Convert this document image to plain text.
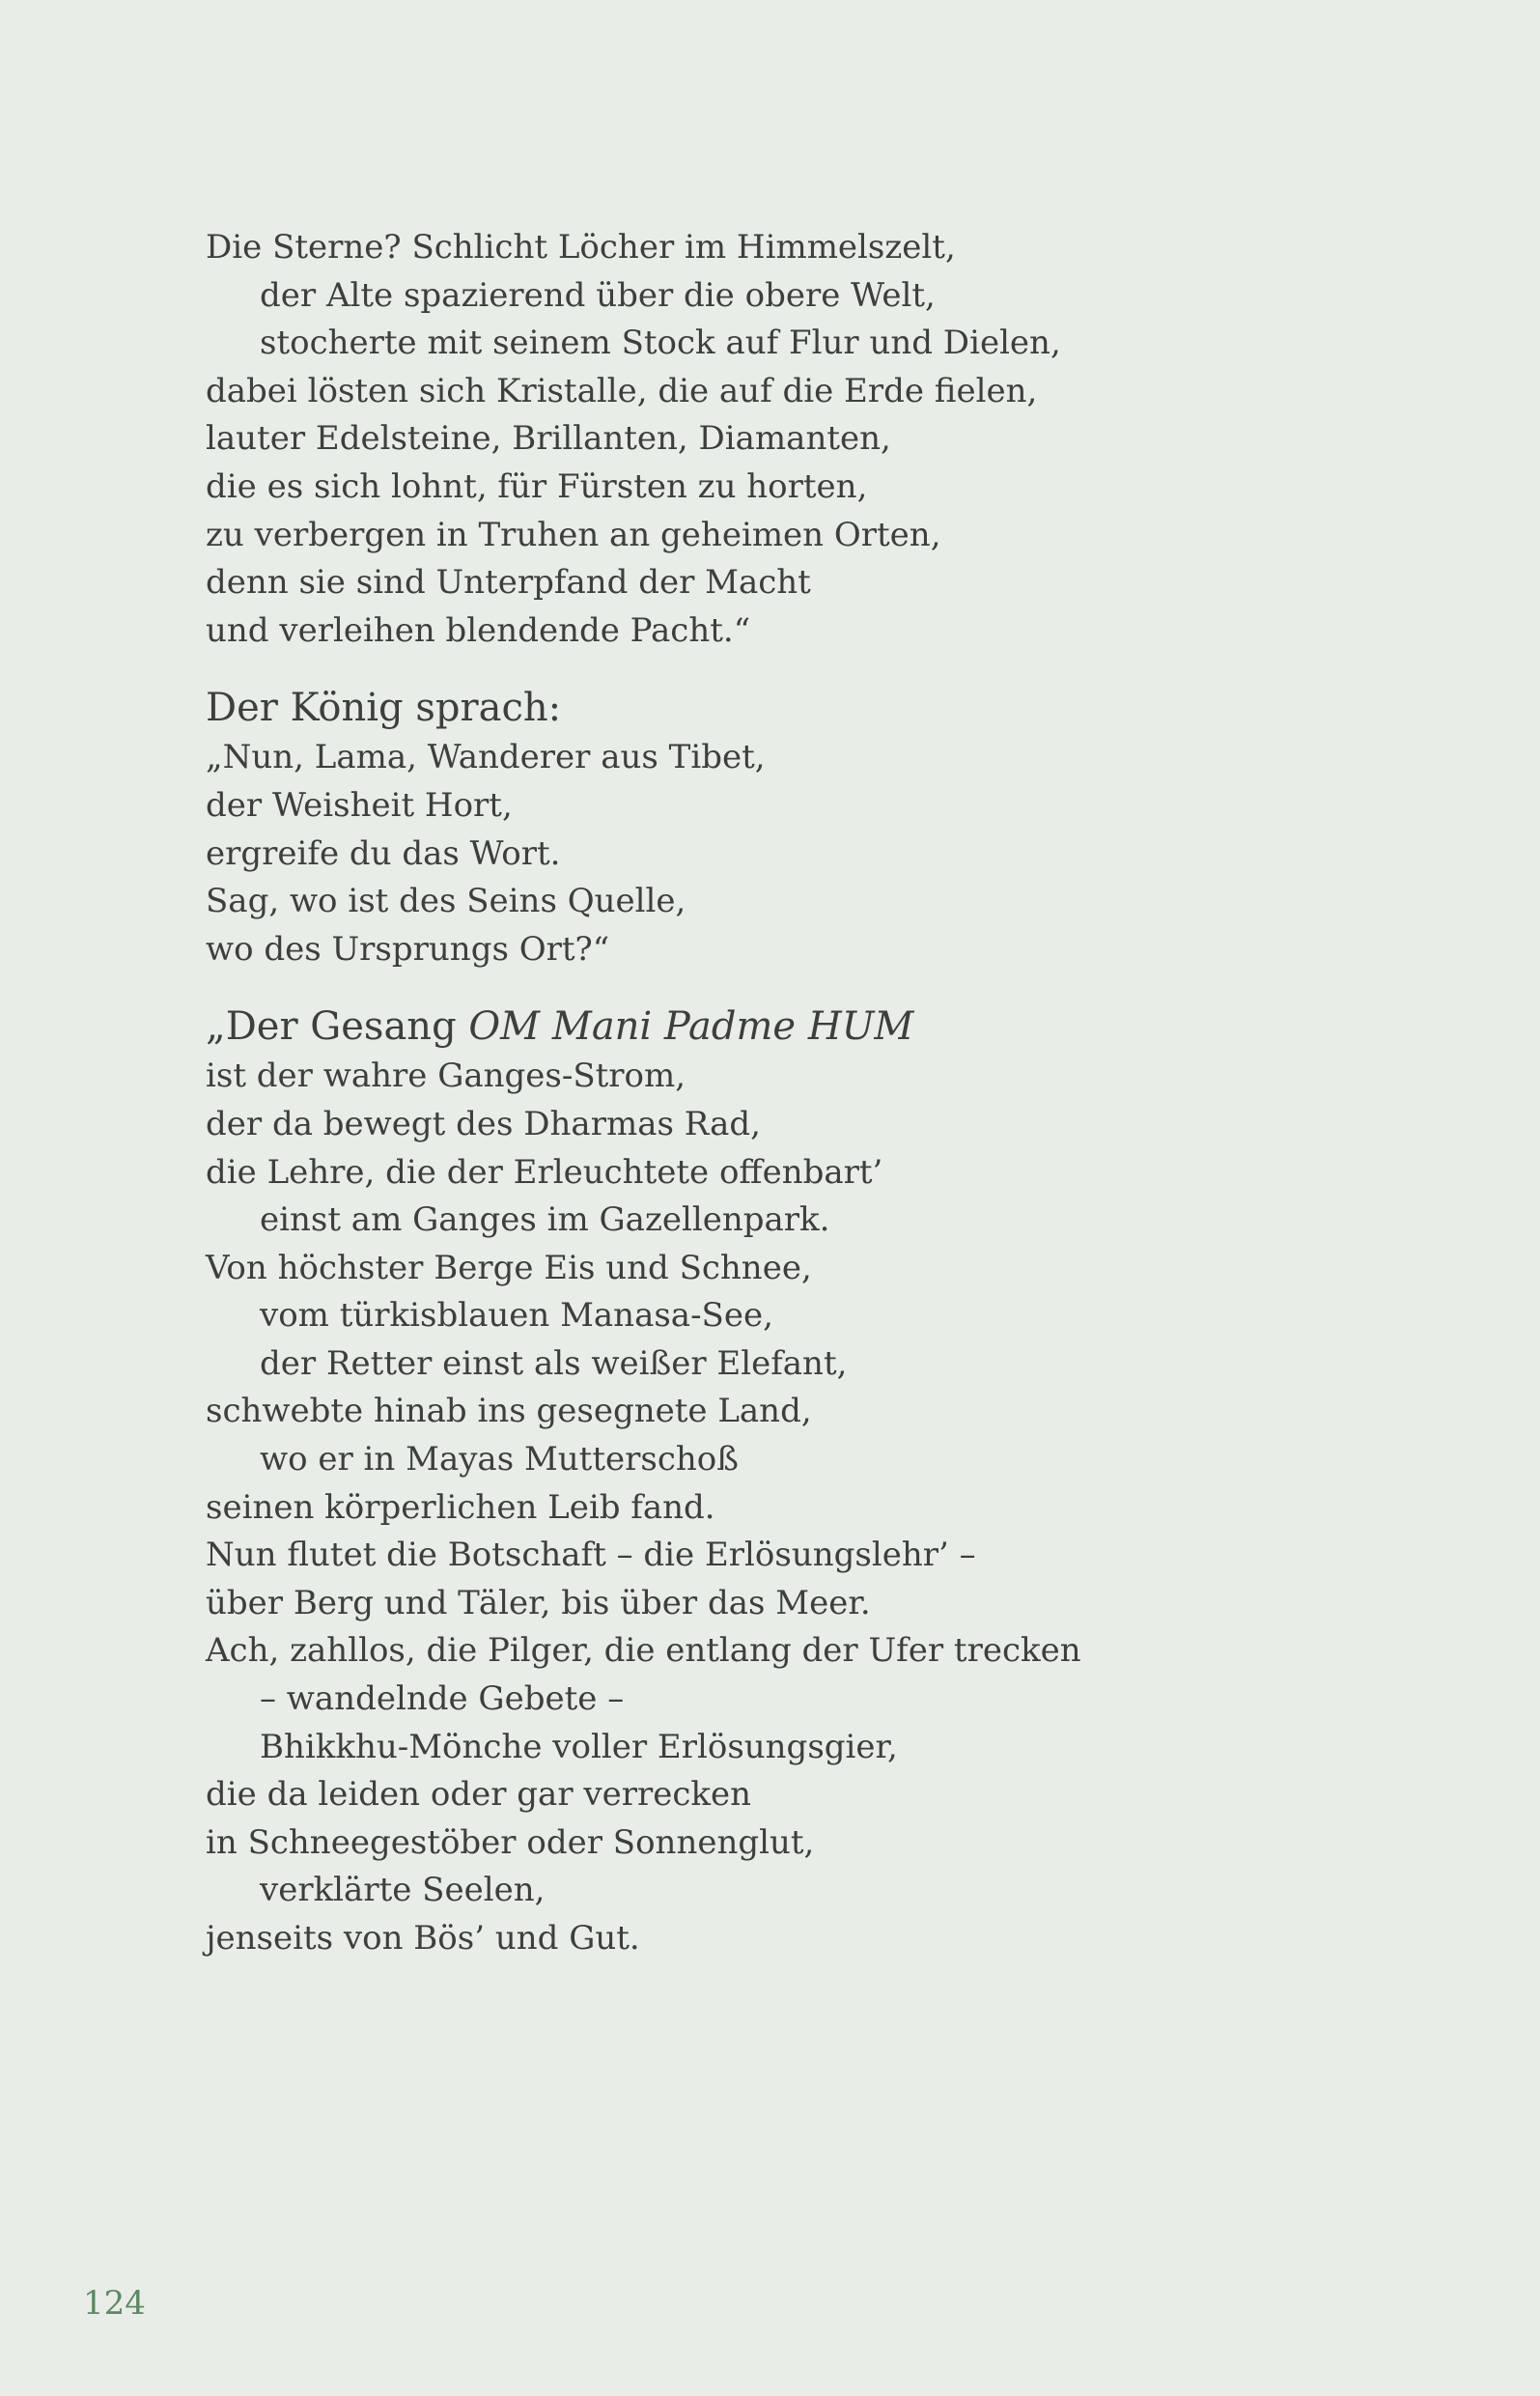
Die Sterne? Schlicht Löcher im Himmelszelt,
der Alte spazierend über die obere Welt,
stocherte mit seinem Stock auf Flur und Dielen,
dabei lösten sich Kristalle, die auf die Erde fielen,
lauter Edelsteine, Brillanten, Diamanten,
die es sich lohnt, für Fürsten zu horten,
zu verbergen in Truhen an geheimen Orten,
denn sie sind Unterpfand der Macht
und verleihen blendende Pacht.“
Der König sprach:
„Nun, Lama, Wanderer aus Tibet,
der Weisheit Hort,
ergreife du das Wort.
Sag, wo ist des Seins Quelle,
wo des Ursprungs Ort?“
„Der Gesang OM Mani Padme HUM
ist der wahre Ganges-Strom,
der da bewegt des Dharmas Rad,
die Lehre, die der Erleuchtete offenbart’
einst am Ganges im Gazellenpark.
Von höchster Berge Eis und Schnee,
vom türkisblauen Manasa-See,
der Retter einst als weißer Elefant,
schwebte hinab ins gesegnete Land,
wo er in Mayas Mutterschoß
seinen körperlichen Leib fand.
Nun flutet die Botschaft – die Erlösungslehr’ –
über Berg und Täler, bis über das Meer.
Ach, zahllos, die Pilger, die entlang der Ufer trecken
– wandelnde Gebete –
Bhikkhu-Mönche voller Erlösungsgier,
die da leiden oder gar verrecken
in Schneegestöber oder Sonnenglut,
verklärte Seelen,
jenseits von Bös’ und Gut.
124
